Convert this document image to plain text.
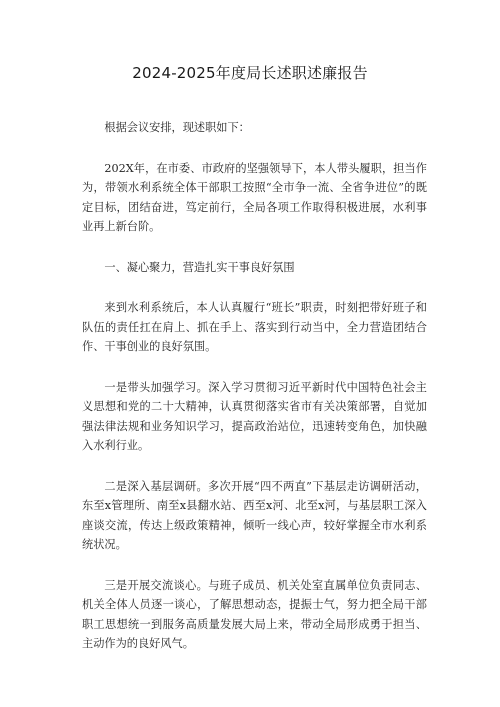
2024-2025年度局长述职述廉报告

根据会议安排，现述职如下：

202X年，在市委、市政府的坚强领导下，本人带头履职，担当作为，带领水利系统全体干部职工按照“全市争一流、全省争进位”的既定目标，团结奋进，笃定前行，全局各项工作取得积极进展，水利事业再上新台阶。

一、凝心聚力，营造扎实干事良好氛围

来到水利系统后，本人认真履行“班长”职责，时刻把带好班子和队伍的责任扛在肩上、抓在手上、落实到行动当中，全力营造团结合作、干事创业的良好氛围。

一是带头加强学习。深入学习贯彻习近平新时代中国特色社会主义思想和党的二十大精神，认真贯彻落实省市有关决策部署，自觉加强法律法规和业务知识学习，提高政治站位，迅速转变角色，加快融入水利行业。

二是深入基层调研。多次开展“四不两直”下基层走访调研活动，东至x管理所、南至x县翻水站、西至x河、北至x河，与基层职工深入座谈交流，传达上级政策精神，倾听一线心声，较好掌握全市水利系统状况。

三是开展交流谈心。与班子成员、机关处室直属单位负责同志、机关全体人员逐一谈心，了解思想动态，提振士气，努力把全局干部职工思想统一到服务高质量发展大局上来，带动全局形成勇于担当、主动作为的良好风气。
